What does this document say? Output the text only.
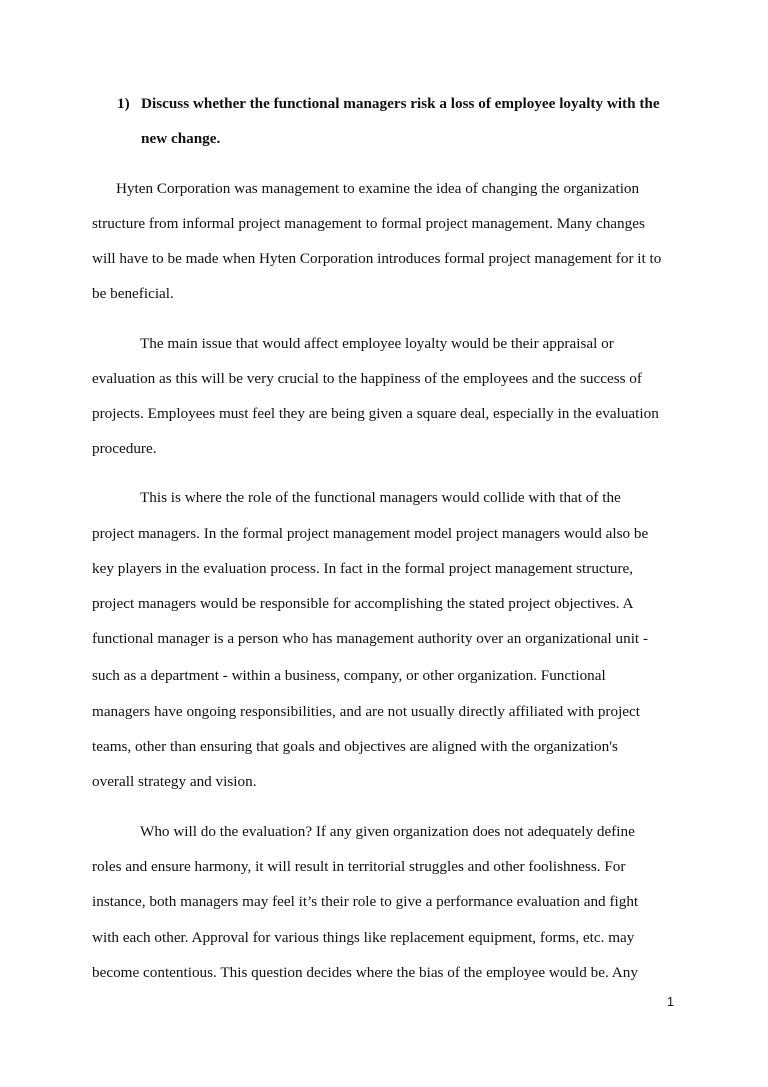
1) Discuss whether the functional managers risk a loss of employee loyalty with the

new change.

Hyten Corporation was management to examine the idea of changing the organization

structure from informal project management to formal project management. Many changes

will have to be made when Hyten Corporation introduces formal project management for it to

be beneficial.

The main issue that would affect employee loyalty would be their appraisal or

evaluation as this will be very crucial to the happiness of the employees and the success of

projects. Employees must feel they are being given a square deal, especially in the evaluation

procedure.

This is where the role of the functional managers would collide with that of the

project managers. In the formal project management model project managers would also be

key players in the evaluation process. In fact in the formal project management structure,

project managers would be responsible for accomplishing the stated project objectives. A

functional manager is a person who has management authority over an organizational unit -

such as a department - within a business, company, or other organization. Functional

managers have ongoing responsibilities, and are not usually directly affiliated with project

teams, other than ensuring that goals and objectives are aligned with the organization's

overall strategy and vision.

Who will do the evaluation? If any given organization does not adequately define

roles and ensure harmony, it will result in territorial struggles and other foolishness. For

instance, both managers may feel it’s their role to give a performance evaluation and fight

with each other. Approval for various things like replacement equipment, forms, etc. may

become contentious. This question decides where the bias of the employee would be. Any

1
